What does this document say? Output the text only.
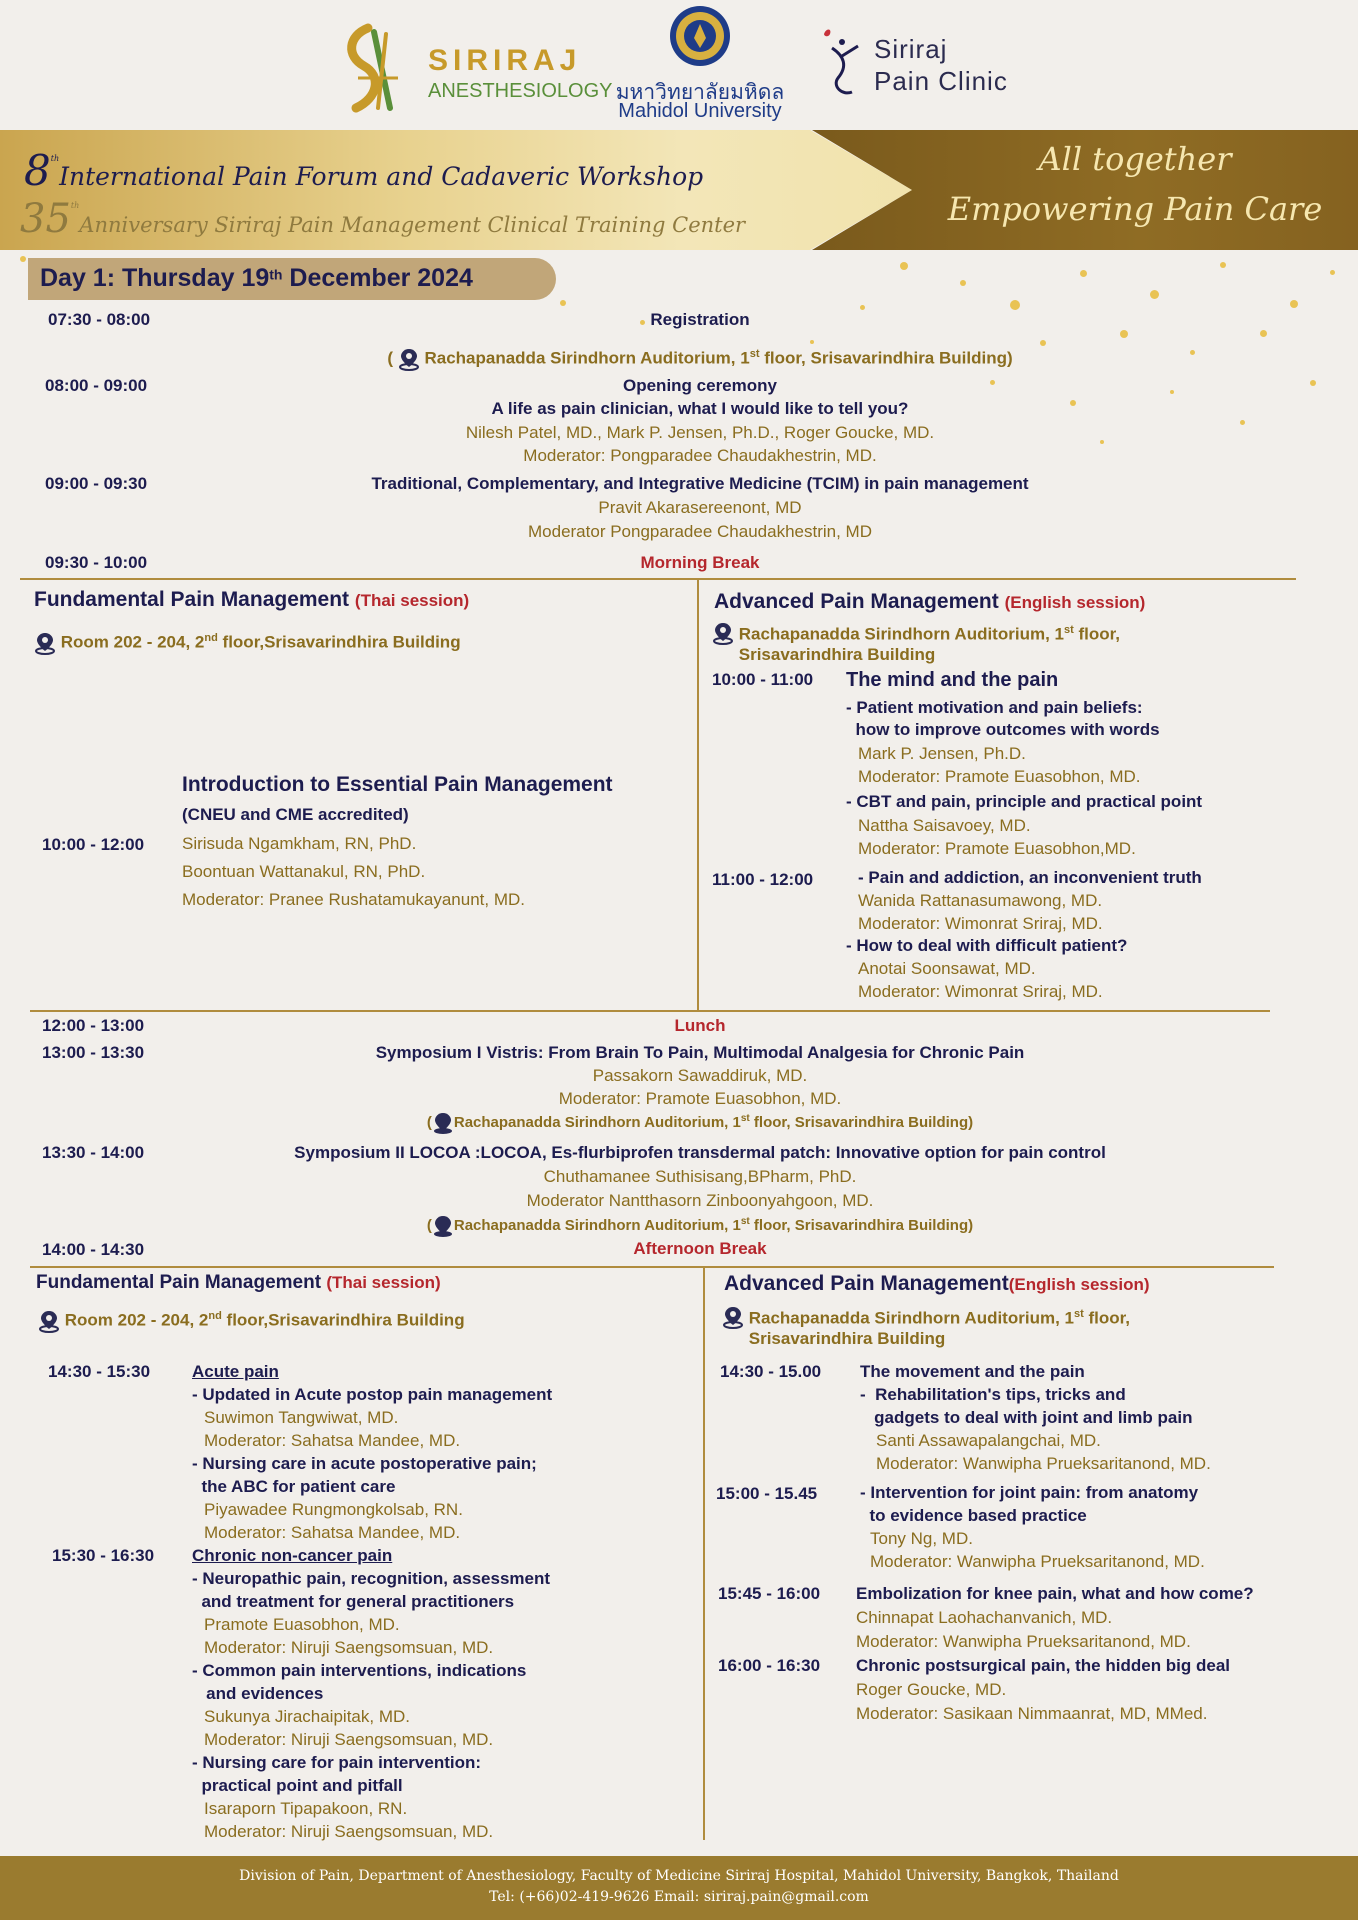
SIRIRAJ
ANESTHESIOLOGY มหาวิทยาลัยมหิดล
Mahidol University
Siriraj
Pain Clinic
8thInternational Pain Forum and Cadaveric Workshop
35thAnniversary Siriraj Pain Management Clinical Training Center
All together
Empowering Pain Care
Day 1: Thursday 19th December 2024
07:30 - 08:00	Registration
(  Rachapanadda Sirindhorn Auditorium, 1st floor, Srisavarindhira Building)
08:00 - 09:00	Opening ceremony
A life as pain clinician, what I would like to tell you?
Nilesh Patel, MD., Mark P. Jensen, Ph.D., Roger Goucke, MD.
Moderator: Pongparadee Chaudakhestrin, MD.
09:00 - 09:30	Traditional, Complementary, and Integrative Medicine (TCIM) in pain management
Pravit Akarasereenont, MD
Moderator Pongparadee Chaudakhestrin, MD
09:30 - 10:00	Morning Break
Fundamental Pain Management (Thai session)
Room 202 - 204, 2nd floor,Srisavarindhira Building
10:00 - 12:00
Introduction to Essential Pain Management
(CNEU and CME accredited)
Sirisuda Ngamkham, RN, PhD.
Boontuan Wattanakul, RN, PhD.
Moderator: Pranee Rushatamukayanunt, MD.
Advanced Pain Management (English session)
Rachapanadda Sirindhorn Auditorium, 1st floor,
Srisavarindhira Building
10:00 - 11:00 The mind and the pain
- Patient motivation and pain beliefs:
how to improve outcomes with words
Mark P. Jensen, Ph.D.
Moderator: Pramote Euasobhon, MD.
- CBT and pain, principle and practical point
Nattha Saisavoey, MD.
Moderator: Pramote Euasobhon,MD.
11:00 - 12:00	- Pain and addiction, an inconvenient truth
Wanida Rattanasumawong, MD.
Moderator: Wimonrat Sriraj, MD.
- How to deal with difficult patient?
Anotai Soonsawat, MD.
Moderator: Wimonrat Sriraj, MD.
12:00 - 13:00	Lunch
13:00 - 13:30	Symposium I Vistris: From Brain To Pain, Multimodal Analgesia for Chronic Pain
Passakorn Sawaddiruk, MD.
Moderator: Pramote Euasobhon, MD.
( Rachapanadda Sirindhorn Auditorium, 1st floor, Srisavarindhira Building)
13:30 - 14:00	Symposium II LOCOA :LOCOA, Es-flurbiprofen transdermal patch: Innovative option for pain control
Chuthamanee Suthisisang,BPharm, PhD.
Moderator Nantthasorn Zinboonyahgoon, MD.
( Rachapanadda Sirindhorn Auditorium, 1st floor, Srisavarindhira Building)
14:00 - 14:30	Afternoon Break
Fundamental Pain Management (Thai session)
Room 202 - 204, 2nd floor,Srisavarindhira Building
14:30 - 15:30 Acute pain
- Updated in Acute postop pain management
Suwimon Tangwiwat, MD.
Moderator: Sahatsa Mandee, MD.
- Nursing care in acute postoperative pain;
the ABC for patient care
Piyawadee Rungmongkolsab, RN.
Moderator: Sahatsa Mandee, MD.
15:30 - 16:30 Chronic non-cancer pain
- Neuropathic pain, recognition, assessment
and treatment for general practitioners
Pramote Euasobhon, MD.
Moderator: Niruji Saengsomsuan, MD.
- Common pain interventions, indications
and evidences
Sukunya Jirachaipitak, MD.
Moderator: Niruji Saengsomsuan, MD.
- Nursing care for pain intervention:
practical point and pitfall
Isaraporn Tipapakoon, RN.
Moderator: Niruji Saengsomsuan, MD.
Advanced Pain Management(English session)
Rachapanadda Sirindhorn Auditorium, 1st floor,
Srisavarindhira Building
14:30 - 15.00 The movement and the pain
-  Rehabilitation's tips, tricks and
gadgets to deal with joint and limb pain
Santi Assawapalangchai, MD.
Moderator: Wanwipha Prueksaritanond, MD.
15:00 - 15.45	- Intervention for joint pain: from anatomy
to evidence based practice
Tony Ng, MD.
Moderator: Wanwipha Prueksaritanond, MD.
15:45 - 16:00 Embolization for knee pain, what and how come?
Chinnapat Laohachanvanich, MD.
Moderator: Wanwipha Prueksaritanond, MD.
16:00 - 16:30 Chronic postsurgical pain, the hidden big deal
Roger Goucke, MD.
Moderator: Sasikaan Nimmaanrat, MD, MMed.
Division of Pain, Department of Anesthesiology, Faculty of Medicine Siriraj Hospital, Mahidol University, Bangkok, Thailand
Tel: (+66)02-419-9626 Email: siriraj.pain@gmail.com
